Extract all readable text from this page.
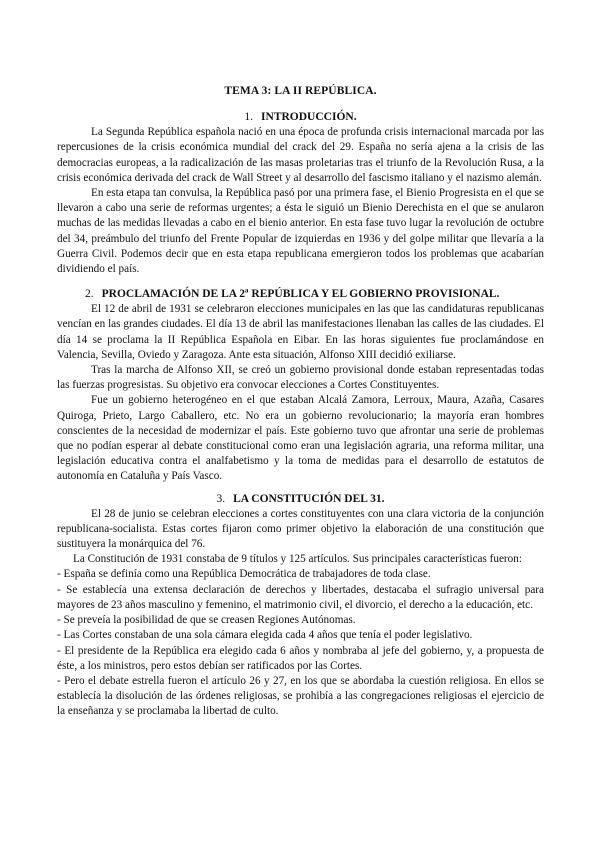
TEMA 3: LA II REPÚBLICA.
1. INTRODUCCIÓN.

La Segunda República española nació en una época de profunda crisis internacional marcada por las repercusiones de la crisis económica mundial del crack del 29. España no sería ajena a la crisis de las democracias europeas, a la radicalización de las masas proletarias tras el triunfo de la Revolución Rusa, a la crisis económica derivada del crack de Wall Street y al desarrollo del fascismo italiano y el nazismo alemán.

En esta etapa tan convulsa, la República pasó por una primera fase, el Bienio Progresista en el que se llevaron a cabo una serie de reformas urgentes; a ésta le siguió un Bienio Derechista en el que se anularon muchas de las medidas llevadas a cabo en el bienio anterior. En esta fase tuvo lugar la revolución de octubre del 34, preámbulo del triunfo del Frente Popular de izquierdas en 1936 y del golpe militar que llevaría a la Guerra Civil. Podemos decir que en esta etapa republicana emergieron todos los problemas que acabarían dividiendo el país.

2. PROCLAMACIÓN DE LA 2ª REPÚBLICA Y EL GOBIERNO PROVISIONAL.

El 12 de abril de 1931 se celebraron elecciones municipales en las que las candidaturas republicanas vencían en las grandes ciudades. El día 13 de abril las manifestaciones llenaban las calles de las ciudades. El día 14 se proclama la II República Española en Eibar. En las horas siguientes fue proclamándose en Valencia, Sevilla, Oviedo y Zaragoza. Ante esta situación, Alfonso XIII decidió exiliarse.

Tras la marcha de Alfonso XII, se creó un gobierno provisional donde estaban representadas todas las fuerzas progresistas. Su objetivo era convocar elecciones a Cortes Constituyentes.

Fue un gobierno heterogéneo en el que estaban Alcalá Zamora, Lerroux, Maura, Azaña, Casares Quiroga, Prieto, Largo Caballero, etc. No era un gobierno revolucionario; la mayoría eran hombres conscientes de la necesidad de modernizar el país. Este gobierno tuvo que afrontar una serie de problemas que no podían esperar al debate constitucional como eran una legislación agraria, una reforma militar, una legislación educativa contra el analfabetismo y la toma de medidas para el desarrollo de estatutos de autonomía en Cataluña y País Vasco.

3. LA CONSTITUCIÓN DEL 31.

El 28 de junio se celebran elecciones a cortes constituyentes con una clara victoria de la conjunción republicana-socialista. Estas cortes fijaron como primer objetivo la elaboración de una constitución que sustituyera la monárquica del 76.

La Constitución de 1931 constaba de 9 títulos y 125 artículos. Sus principales características fueron:

- España se definía como una República Democrática de trabajadores de toda clase.

- Se establecía una extensa declaración de derechos y libertades, destacaba el sufragio universal para mayores de 23 años masculino y femenino, el matrimonio civil, el divorcio, el derecho a la educación, etc.

- Se preveía la posibilidad de que se creasen Regiones Autónomas.

- Las Cortes constaban de una sola cámara elegida cada 4 años que tenía el poder legislativo.

- El presidente de la República era elegido cada 6 años y nombraba al jefe del gobierno, y, a propuesta de éste, a los ministros, pero estos debían ser ratificados por las Cortes.

- Pero el debate estrella fueron el artículo 26 y 27, en los que se abordaba la cuestión religiosa. En ellos se establecía la disolución de las órdenes religiosas, se prohibía a las congregaciones religiosas el ejercicio de la enseñanza y se proclamaba la libertad de culto.
